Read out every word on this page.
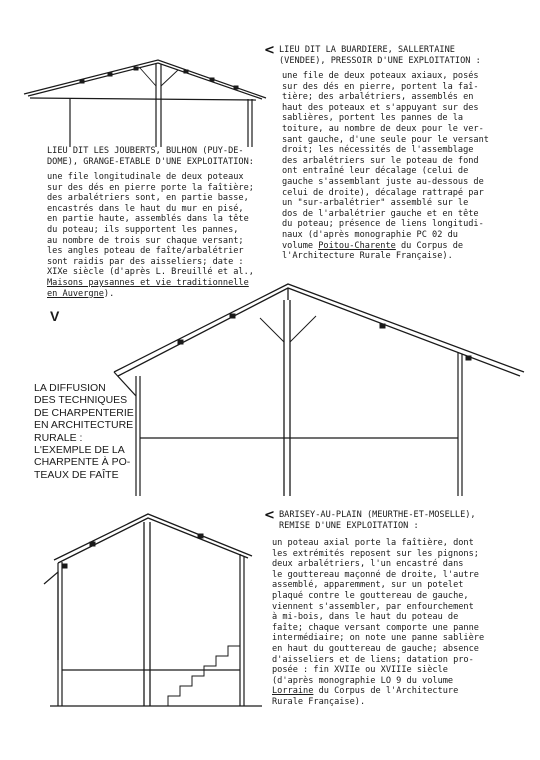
LIEU DIT LES JOUBERTS, BULHON (PUY-DE-
DOME), GRANGE-ETABLE D'UNE EXPLOITATION:
une file longitudinale de deux poteaux
sur des dés en pierre porte la faîtière;
des arbalétriers sont, en partie basse,
encastrés dans le haut du mur en pisé,
en partie haute, assemblés dans la tête
du poteau; ils supportent les pannes,
au nombre de trois sur chaque versant;
les angles poteau de faîte/arbalétrier
sont raidis par des aisseliers; date :
XIXe siècle (d'après L. Breuillé et al.,
Maisons paysannes et vie traditionnelle
en Auvergne).
V
< LIEU DIT LA BUARDIERE, SALLERTAINE
(VENDEE), PRESSOIR D'UNE EXPLOITATION :
une file de deux poteaux axiaux, posés
sur des dés en pierre, portent la faî-
tière; des arbalétriers, assemblés en
haut des poteaux et s'appuyant sur des
sablières, portent les pannes de la
toiture, au nombre de deux pour le ver-
sant gauche, d'une seule pour le versant
droit; les nécessités de l'assemblage
des arbalétriers sur le poteau de fond
ont entraîné leur décalage (celui de
gauche s'assemblant juste au-dessous de
celui de droite), décalage rattrapé par
un "sur-arbalétrier" assemblé sur le
dos de l'arbalétrier gauche et en tête
du poteau; présence de liens longitudi-
naux (d'après monographie PC 02 du
volume Poitou-Charente du Corpus de
l'Architecture Rurale Française).
LA DIFFUSION
DES TECHNIQUES
DE CHARPENTERIE
EN ARCHITECTURE
RURALE :
L'EXEMPLE DE LA
CHARPENTE À PO-
TEAUX DE FAÎTE
< BARISEY-AU-PLAIN (MEURTHE-ET-MOSELLE),
REMISE D'UNE EXPLOITATION :
un poteau axial porte la faîtière, dont
les extrémités reposent sur les pignons;
deux arbalétriers, l'un encastré dans
le gouttereau maçonné de droite, l'autre
assemblé, apparemment, sur un potelet
plaqué contre le gouttereau de gauche,
viennent s'assembler, par enfourchement
à mi-bois, dans le haut du poteau de
faîte; chaque versant comporte une panne
intermédiaire; on note une panne sablière
en haut du gouttereau de gauche; absence
d'aisseliers et de liens; datation pro-
posée : fin XVIIe ou XVIIIe siècle
(d'après monographie LO 9 du volume
Lorraine du Corpus de l'Architecture
Rurale Française).
